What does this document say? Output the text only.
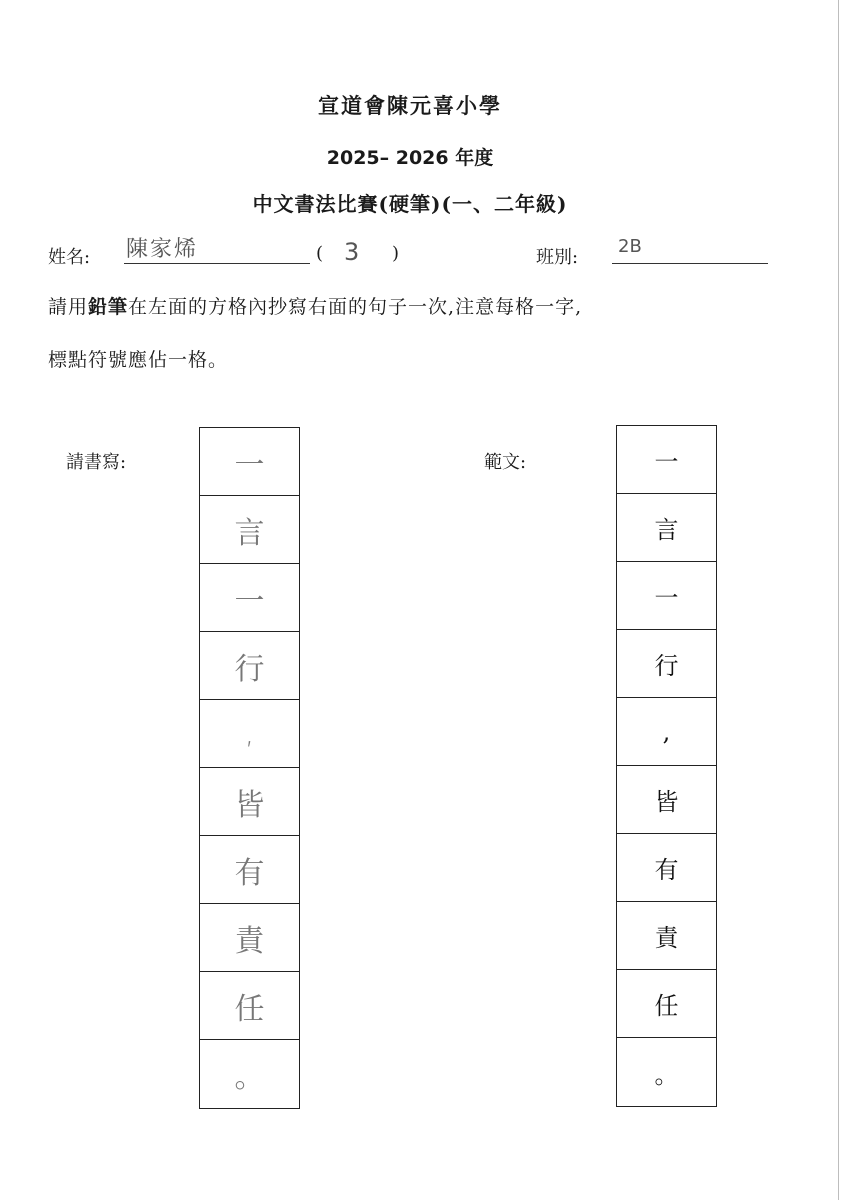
宣道會陳元喜小學
2025– 2026 年度
中文書法比賽(硬筆)(一、二年級)
姓名: 陳家烯	( 3 )	班別:
2B
請用鉛筆在左面的方格內抄寫右面的句子一次,注意每格一字,
標點符號應佔一格。
請書寫:	一
言
一
行
,
皆
有
責
任
。
範文:	一
言
一
行
,
皆
有
責
任
。
